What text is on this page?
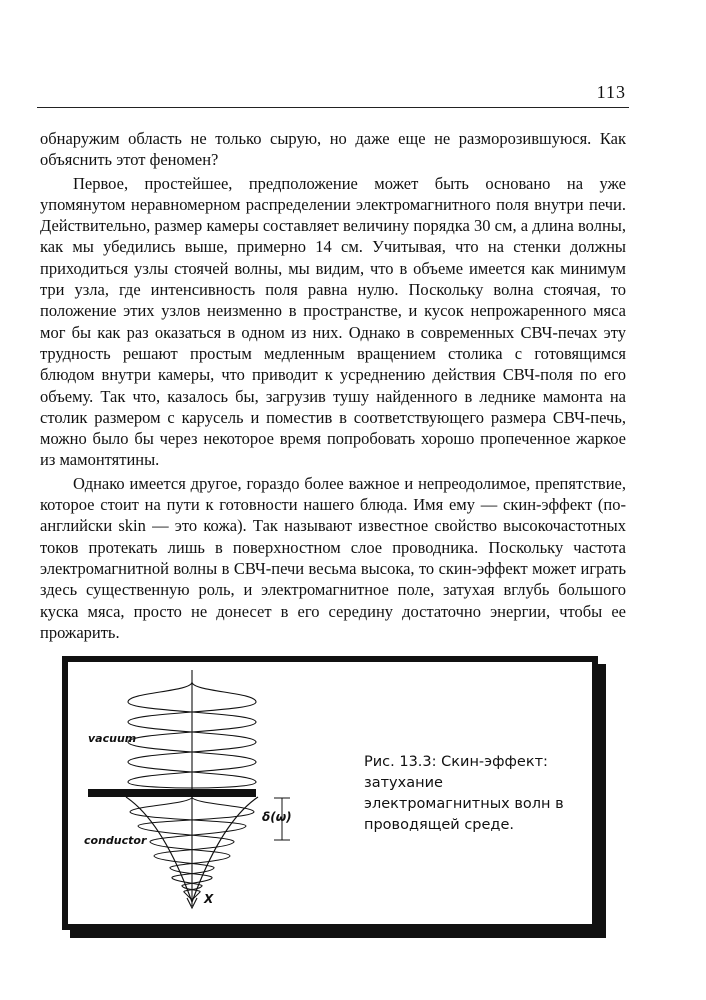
113

обнаружим область не только сырую, но даже еще не разморозившуюся. Как объяснить этот феномен?

Первое, простейшее, предположение может быть основано на уже упомянутом неравномерном распределении электромагнитного поля внутри печи. Действительно, размер камеры составляет величину порядка 30 см, а длина волны, как мы убедились выше, примерно 14 см. Учитывая, что на стенки должны приходиться узлы стоячей волны, мы видим, что в объеме имеется как минимум три узла, где интенсивность поля равна нулю. Поскольку волна стоячая, то положение этих узлов неизменно в пространстве, и кусок непрожаренного мяса мог бы как раз оказаться в одном из них. Однако в современных СВЧ-печах эту трудность решают простым медленным вращением столика с готовящимся блюдом внутри камеры, что приводит к усреднению действия СВЧ-поля по его объему. Так что, казалось бы, загрузив тушу найденного в леднике мамонта на столик размером с карусель и поместив в соответствующего размера СВЧ-печь, можно было бы через некоторое время попробовать хорошо пропеченное жаркое из мамонтятины.

Однако имеется другое, гораздо более важное и непреодолимое, препятствие, которое стоит на пути к готовности нашего блюда. Имя ему — скин-эффект (по-английски skin — это кожа). Так называют известное свойство высокочастотных токов протекать лишь в поверхностном слое проводника. Поскольку частота электромагнитной волны в СВЧ-печи весьма высока, то скин-эффект может играть здесь существенную роль, и электромагнитное поле, затухая вглубь большого куска мяса, просто не донесет в его середину достаточно энергии, чтобы ее прожарить.

vacuum
conductor
δ(ω)
X
Рис. 13.3: Скин-эффект:
затухание
электромагнитных волн в
проводящей среде.
